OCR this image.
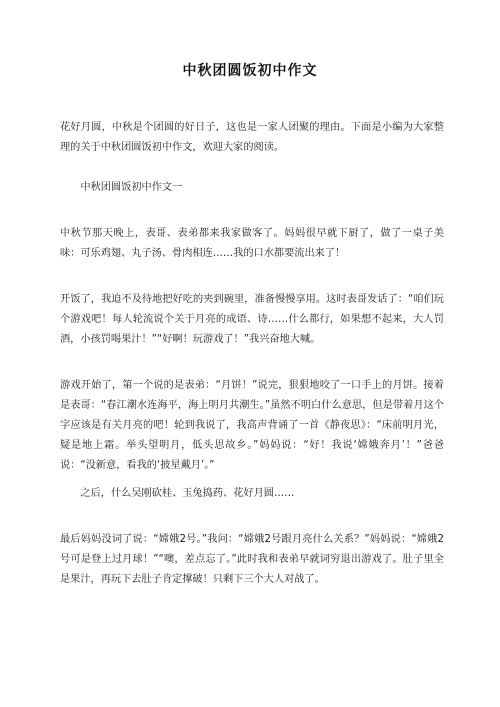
中秋团圆饭初中作文

花好月圆，中秋是个团圆的好日子，这也是一家人团聚的理由。下面是小编为大家整理的关于中秋团圆饭初中作文，欢迎大家的阅读。

中秋团圆饭初中作文一

中秋节那天晚上，表哥、表弟都来我家做客了。妈妈很早就下厨了，做了一桌子美味：可乐鸡翅、丸子汤、骨肉相连……我的口水都要流出来了！

开饭了，我迫不及待地把好吃的夹到碗里，准备慢慢享用。这时表哥发话了：“咱们玩个游戏吧！每人轮流说个关于月亮的成语、诗……什么都行，如果想不起来，大人罚酒，小孩罚喝果汁！”“好啊！玩游戏了！”我兴奋地大喊。

游戏开始了，第一个说的是表弟：“月饼！”说完，狠狠地咬了一口手上的月饼。接着是表哥：“春江潮水连海平，海上明月共潮生。”虽然不明白什么意思，但是带着月这个字应该是有关月亮的吧！轮到我说了，我高声背诵了一首《静夜思》：“床前明月光，疑是地上霜。举头望明月，低头思故乡。”妈妈说：“好！我说‘嫦娥奔月’！”爸爸说：“没新意，看我的‘披星戴月’。”

之后，什么吴刚砍桂、玉兔捣药、花好月圆……

最后妈妈没词了说：“嫦娥2号。”我问：“嫦娥2号跟月亮什么关系？”妈妈说：“嫦娥2号可是登上过月球！”“噢，差点忘了。”此时我和表弟早就词穷退出游戏了。肚子里全是果汁，再玩下去肚子肯定撑破！只剩下三个大人对战了。
